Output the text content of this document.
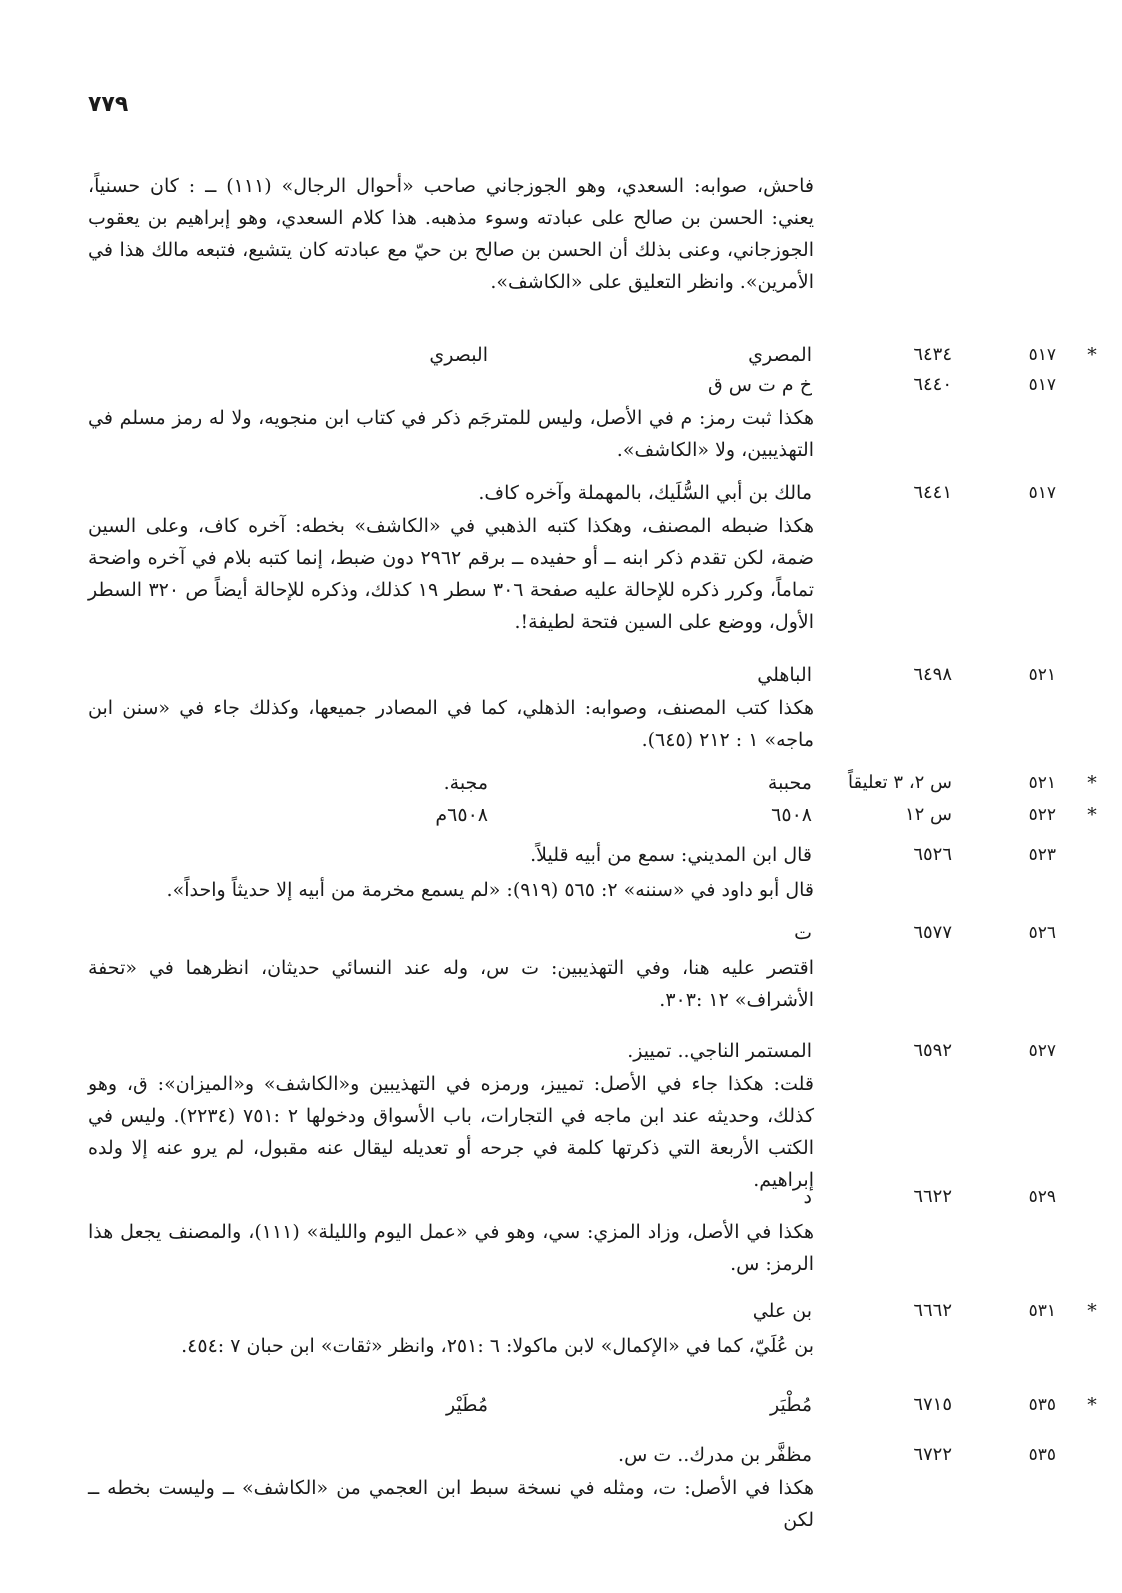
٧٧٩

فاحش، صوابه: السعدي، وهو الجوزجاني صاحب «أحوال الرجال» (١١١) ــ : كان حسنياً، يعني: الحسن بن صالح على عبادته وسوء مذهبه. هذا كلام السعدي، وهو إبراهيم بن يعقوب الجوزجاني، وعنى بذلك أن الحسن بن صالح بن حيّ مع عبادته كان يتشيع، فتبعه مالك هذا في الأمرين». وانظر التعليق على «الكاشف».

*
٥١٧
٦٤٣٤
المصري
البصري
٥١٧
٦٤٤٠
خ م ت س ق

هكذا ثبت رمز: م في الأصل، وليس للمترجَم ذكر في كتاب ابن منجويه، ولا له رمز مسلم في التهذيبين، ولا «الكاشف».

٥١٧
٦٤٤١
مالك بن أبي السُّلَيك، بالمهملة وآخره كاف.

هكذا ضبطه المصنف، وهكذا كتبه الذهبي في «الكاشف» بخطه: آخره كاف، وعلى السين ضمة، لكن تقدم ذكر ابنه ــ أو حفيده ــ برقم ٢٩٦٢ دون ضبط، إنما كتبه بلام في آخره واضحة تماماً، وكرر ذكره للإحالة عليه صفحة ٣٠٦ سطر ١٩ كذلك، وذكره للإحالة أيضاً ص ٣٢٠ السطر الأول، ووضع على السين فتحة لطيفة!.

٥٢١
٦٤٩٨
الباهلي

هكذا كتب المصنف، وصوابه: الذهلي، كما في المصادر جميعها، وكذلك جاء في «سنن ابن ماجه» ١ : ٢١٢ (٦٤٥).

*
٥٢١
س ٢، ٣ تعليقاً
محببة
مجبة.
*
٥٢٢
س ١٢
٦٥٠٨
٦٥٠٨م
٥٢٣
٦٥٢٦
قال ابن المديني: سمع من أبيه قليلاً.

قال أبو داود في «سننه» ٢: ٥٦٥ (٩١٩): «لم يسمع مخرمة من أبيه إلا حديثاً واحداً».

٥٢٦
٦٥٧٧
ت

اقتصر عليه هنا، وفي التهذيبين: ت س، وله عند النسائي حديثان، انظرهما في «تحفة الأشراف» ١٢ :٣٠٣.

٥٢٧
٦٥٩٢
المستمر الناجي.. تمييز.

قلت: هكذا جاء في الأصل: تمييز، ورمزه في التهذيبين و«الكاشف» و«الميزان»: ق، وهو كذلك، وحديثه عند ابن ماجه في التجارات، باب الأسواق ودخولها ٢ :٧٥١ (٢٢٣٤). وليس في الكتب الأربعة التي ذكرتها كلمة في جرحه أو تعديله ليقال عنه مقبول، لم يرو عنه إلا ولده إبراهيم.

٥٢٩
٦٦٢٢
د

هكذا في الأصل، وزاد المزي: سي، وهو في «عمل اليوم والليلة» (١١١)، والمصنف يجعل هذا الرمز: س.

*
٥٣١
٦٦٦٢
بن علي

بن عُلَيّ، كما في «الإكمال» لابن ماكولا: ٦ :٢٥١، وانظر «ثقات» ابن حبان ٧ :٤٥٤.

*
٥٣٥
٦٧١٥
مُطْيَر
مُطَيْر
٥٣٥
٦٧٢٢
مظفَّر بن مدرك.. ت س.

هكذا في الأصل: ت، ومثله في نسخة سبط ابن العجمي من «الكاشف» ــ وليست بخطه ــ لكن
